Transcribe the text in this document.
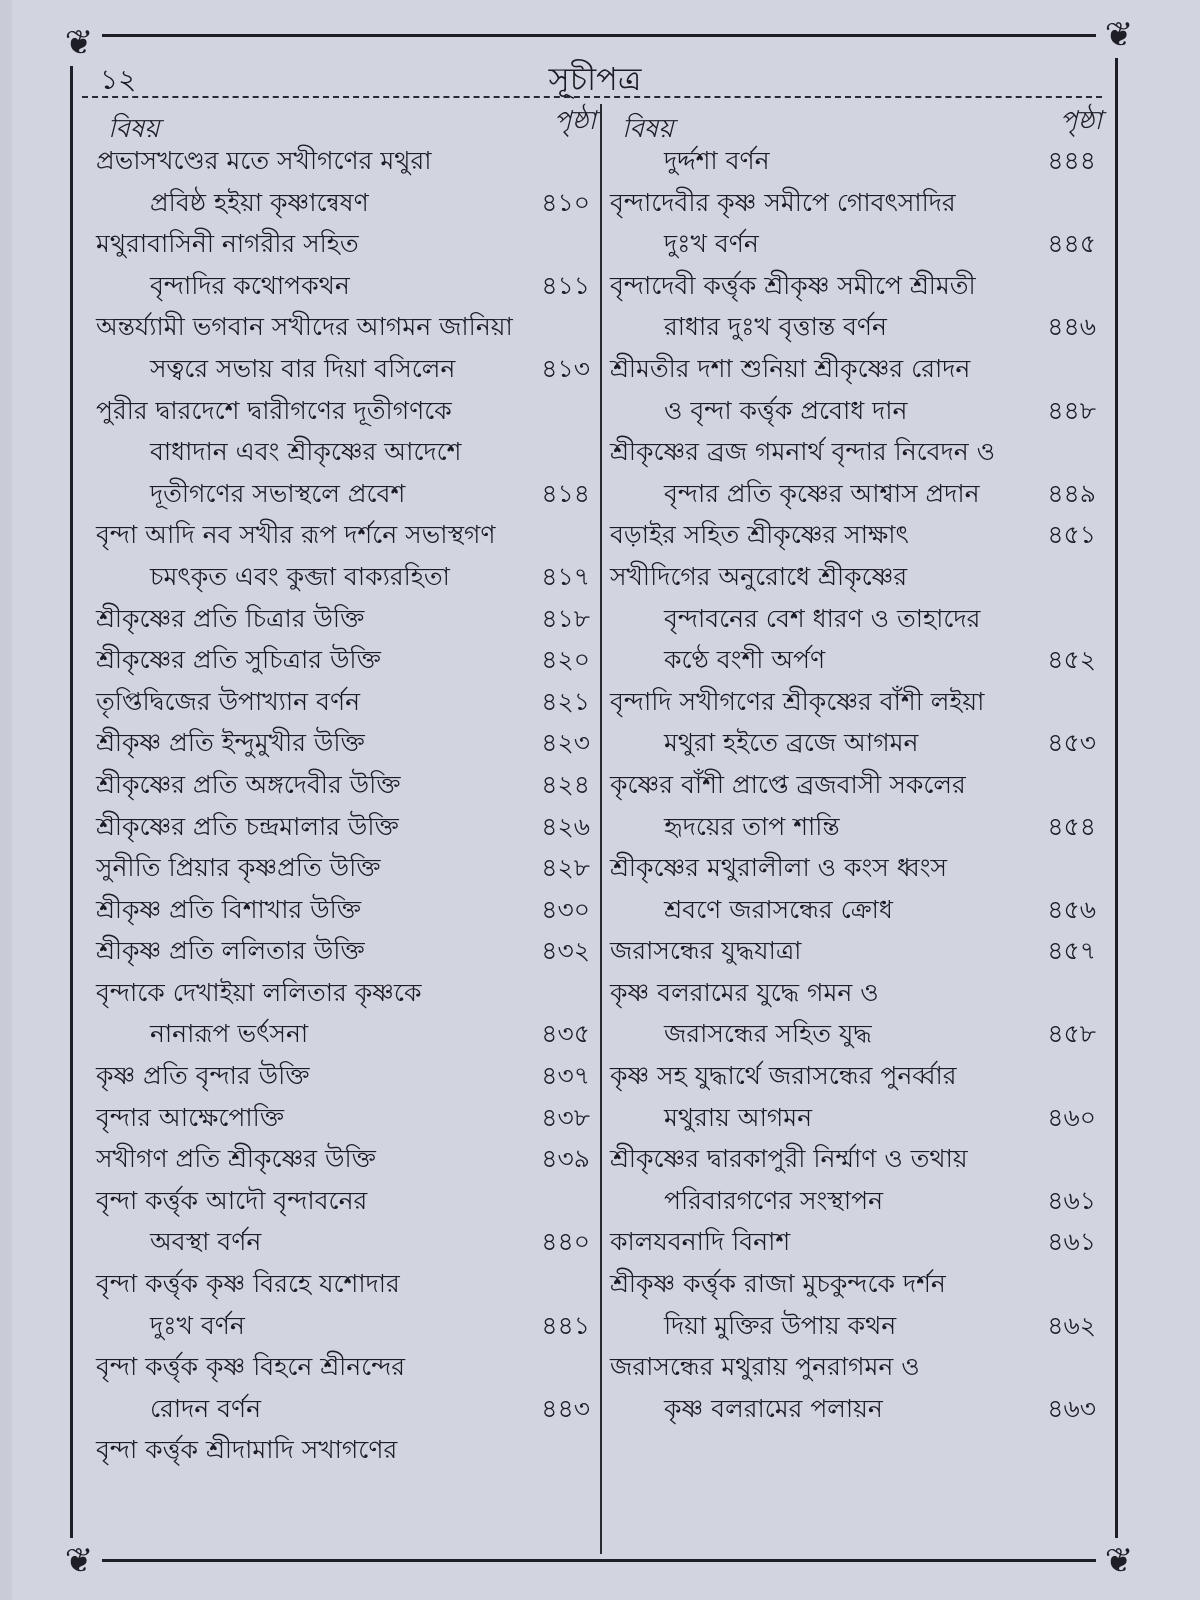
❦	❦
❦	❦
১২	সূচীপত্র
বিষয়	পৃষ্ঠা
প্রভাসখণ্ডের মতে সখীগণের মথুরা
প্রবিষ্ঠ হইয়া কৃষ্ণান্বেষণ	৪১০
মথুরাবাসিনী নাগরীর সহিত
বৃন্দাদির কথোপকথন	৪১১
অন্তর্য্যামী ভগবান সখীদের আগমন জানিয়া
সত্বরে সভায় বার দিয়া বসিলেন	৪১৩
পুরীর দ্বারদেশে দ্বারীগণের দূতীগণকে
বাধাদান এবং শ্রীকৃষ্ণের আদেশে
দূতীগণের সভাস্থলে প্রবেশ	৪১৪
বৃন্দা আদি নব সখীর রূপ দর্শনে সভাস্থগণ
চমৎকৃত এবং কুব্জা বাক্যরহিতা	৪১৭
শ্রীকৃষ্ণের প্রতি চিত্রার উক্তি	৪১৮
শ্রীকৃষ্ণের প্রতি সুচিত্রার উক্তি	৪২০
তৃপ্তিদ্বিজের উপাখ্যান বর্ণন	৪২১
শ্রীকৃষ্ণ প্রতি ইন্দুমুখীর উক্তি	৪২৩
শ্রীকৃষ্ণের প্রতি অঙ্গদেবীর উক্তি	৪২৪
শ্রীকৃষ্ণের প্রতি চন্দ্রমালার উক্তি	৪২৬
সুনীতি প্রিয়ার কৃষ্ণপ্রতি উক্তি	৪২৮
শ্রীকৃষ্ণ প্রতি বিশাখার উক্তি	৪৩০
শ্রীকৃষ্ণ প্রতি ললিতার উক্তি	৪৩২
বৃন্দাকে দেখাইয়া ললিতার কৃষ্ণকে
নানারূপ ভর্ৎসনা	৪৩৫
কৃষ্ণ প্রতি বৃন্দার উক্তি	৪৩৭
বৃন্দার আক্ষেপোক্তি	৪৩৮
সখীগণ প্রতি শ্রীকৃষ্ণের উক্তি	৪৩৯
বৃন্দা কর্ত্তৃক আদৌ বৃন্দাবনের
অবস্থা বর্ণন	৪৪০
বৃন্দা কর্ত্তৃক কৃষ্ণ বিরহে যশোদার
দুঃখ বর্ণন	৪৪১
বৃন্দা কর্ত্তৃক কৃষ্ণ বিহনে শ্রীনন্দের
রোদন বর্ণন	৪৪৩
বৃন্দা কর্ত্তৃক শ্রীদামাদি সখাগণের
বিষয়	পৃষ্ঠা
দুর্দ্দশা বর্ণন	৪৪৪
বৃন্দাদেবীর কৃষ্ণ সমীপে গোবৎসাদির
দুঃখ বর্ণন	৪৪৫
বৃন্দাদেবী কর্ত্তৃক শ্রীকৃষ্ণ সমীপে শ্রীমতী
রাধার দুঃখ বৃত্তান্ত বর্ণন	৪৪৬
শ্রীমতীর দশা শুনিয়া শ্রীকৃষ্ণের রোদন
ও বৃন্দা কর্ত্তৃক প্রবোধ দান	৪৪৮
শ্রীকৃষ্ণের ব্রজ গমনার্থ বৃন্দার নিবেদন ও
বৃন্দার প্রতি কৃষ্ণের আশ্বাস প্রদান	৪৪৯
বড়াইর সহিত শ্রীকৃষ্ণের সাক্ষাৎ	৪৫১
সখীদিগের অনুরোধে শ্রীকৃষ্ণের
বৃন্দাবনের বেশ ধারণ ও তাহাদের
কণ্ঠে বংশী অর্পণ	৪৫২
বৃন্দাদি সখীগণের শ্রীকৃষ্ণের বাঁশী লইয়া
মথুরা হইতে ব্রজে আগমন	৪৫৩
কৃষ্ণের বাঁশী প্রাপ্তে ব্রজবাসী সকলের
হৃদয়ের তাপ শান্তি	৪৫৪
শ্রীকৃষ্ণের মথুরালীলা ও কংস ধ্বংস
শ্রবণে জরাসন্ধের ক্রোধ	৪৫৬
জরাসন্ধের যুদ্ধযাত্রা	৪৫৭
কৃষ্ণ বলরামের যুদ্ধে গমন ও
জরাসন্ধের সহিত যুদ্ধ	৪৫৮
কৃষ্ণ সহ যুদ্ধার্থে জরাসন্ধের পুনর্ব্বার
মথুরায় আগমন	৪৬০
শ্রীকৃষ্ণের দ্বারকাপুরী নির্ম্মাণ ও তথায়
পরিবারগণের সংস্থাপন	৪৬১
কালযবনাদি বিনাশ	৪৬১
শ্রীকৃষ্ণ কর্ত্তৃক রাজা মুচকুন্দকে দর্শন
দিয়া মুক্তির উপায় কথন	৪৬২
জরাসন্ধের মথুরায় পুনরাগমন ও
কৃষ্ণ বলরামের পলায়ন	৪৬৩
